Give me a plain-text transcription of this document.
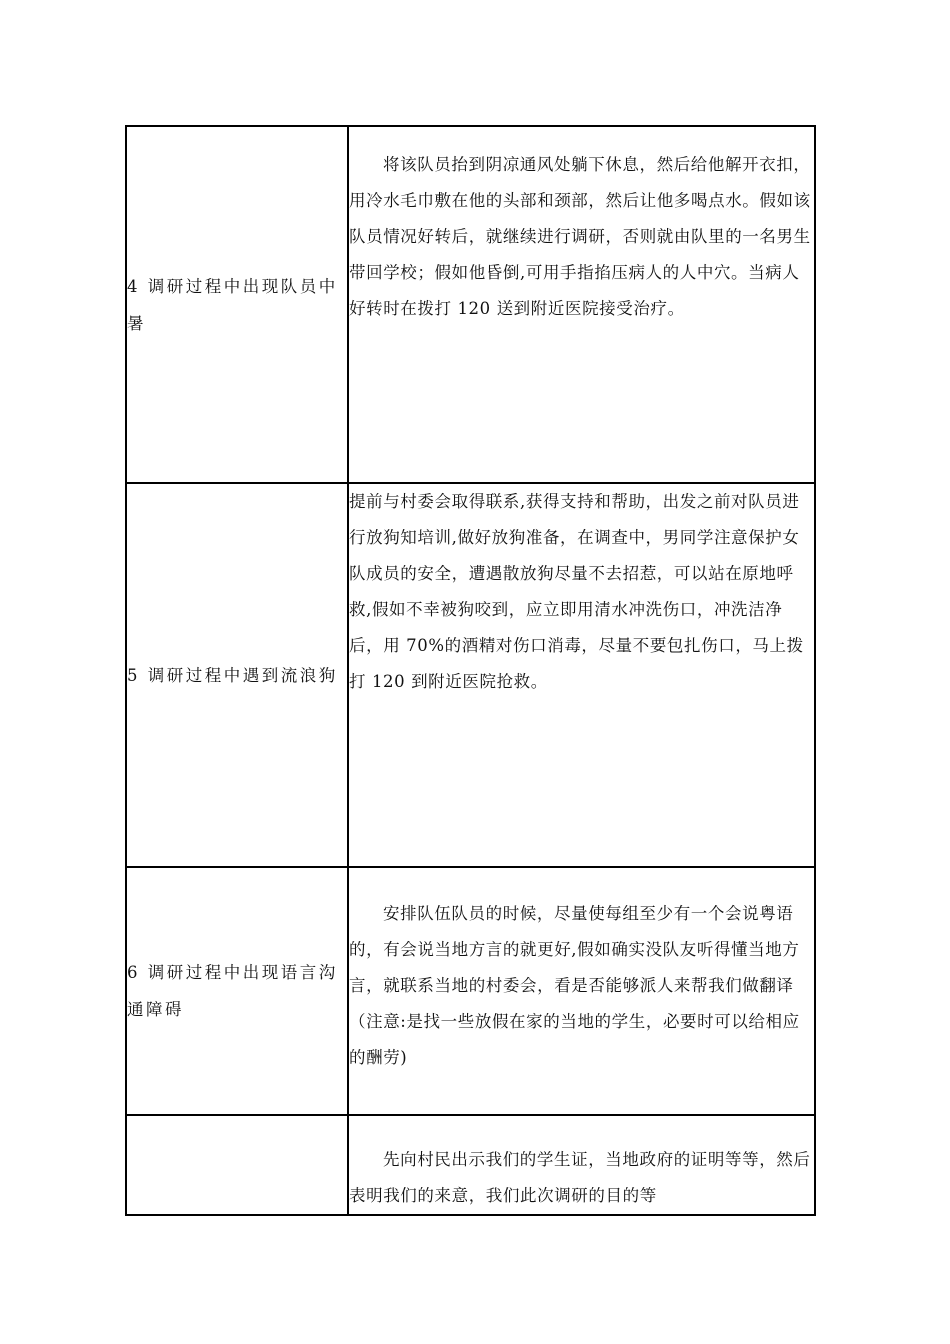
4 调研过程中出现队员中暑	将该队员抬到阴凉通风处躺下休息，然后给他解开衣扣，用冷水毛巾敷在他的头部和颈部，然后让他多喝点水。假如该队员情况好转后，就继续进行调研，否则就由队里的一名男生带回学校；假如他昏倒,可用手指掐压病人的人中穴。当病人好转时在拨打 120 送到附近医院接受治疗。
5 调研过程中遇到流浪狗	提前与村委会取得联系,获得支持和帮助，出发之前对队员进行放狗知培训,做好放狗准备，在调查中，男同学注意保护女队成员的安全，遭遇散放狗尽量不去招惹，可以站在原地呼救,假如不幸被狗咬到，应立即用清水冲洗伤口，冲洗洁净后，用 70%的酒精对伤口消毒，尽量不要包扎伤口，马上拨打 120 到附近医院抢救。
6 调研过程中出现语言沟通障碍	安排队伍队员的时候，尽量使每组至少有一个会说粤语的，有会说当地方言的就更好,假如确实没队友听得懂当地方言，就联系当地的村委会，看是否能够派人来帮我们做翻译（注意:是找一些放假在家的当地的学生，必要时可以给相应的酬劳)
	先向村民出示我们的学生证，当地政府的证明等等，然后表明我们的来意，我们此次调研的目的等
